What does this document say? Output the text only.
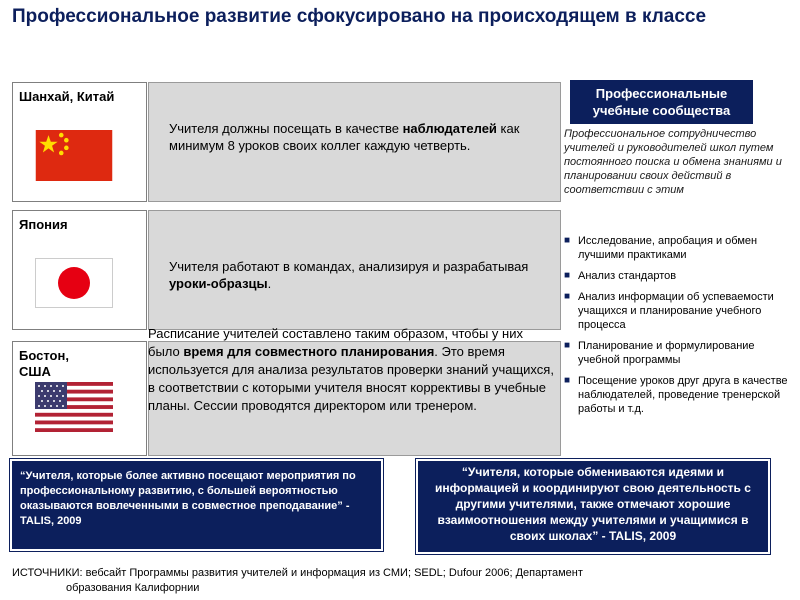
Профессиональное развитие сфокусировано на происходящем в классе
Шанхай, Китай
Учителя должны посещать в качестве наблюдателей как минимум 8 уроков своих коллег каждую четверть.
Япония
Учителя работают в командах, анализируя и разрабатывая уроки-образцы.
Бостон, США
Расписание учителей составлено таким образом, чтобы у них было время для совместного планирования. Это время используется для анализа результатов проверки знаний учащихся, в соответствии с которыми учителя вносят коррективы в учебные планы. Сессии проводятся директором или тренером.
Профессиональные учебные сообщества
Профессиональное сотрудничество учителей и руководителей школ путем постоянного поиска и обмена знаниями и планировании своих действий в соответствии с этим
■ Исследование, апробация и обмен лучшими практиками
■ Анализ стандартов
■ Анализ информации об успеваемости учащихся и планирование учебного процесса
■ Планирование и формулирование учебной программы
■ Посещение уроков друг друга в качестве наблюдателей, проведение тренерской работы и т.д.
“Учителя, которые более активно посещают мероприятия по профессиональному развитию, с большей вероятностью оказываются вовлеченными в совместное преподавание” - TALIS, 2009
“Учителя, которые обмениваются идеями и информацией и координируют свою деятельность с другими учителями, также отмечают хорошие взаимоотношения между учителями и учащимися в своих школах” - TALIS, 2009
ИСТОЧНИКИ: вебсайт Программы развития учителей и информация из СМИ; SEDL; Dufour 2006; Департамент
образования Калифорнии
